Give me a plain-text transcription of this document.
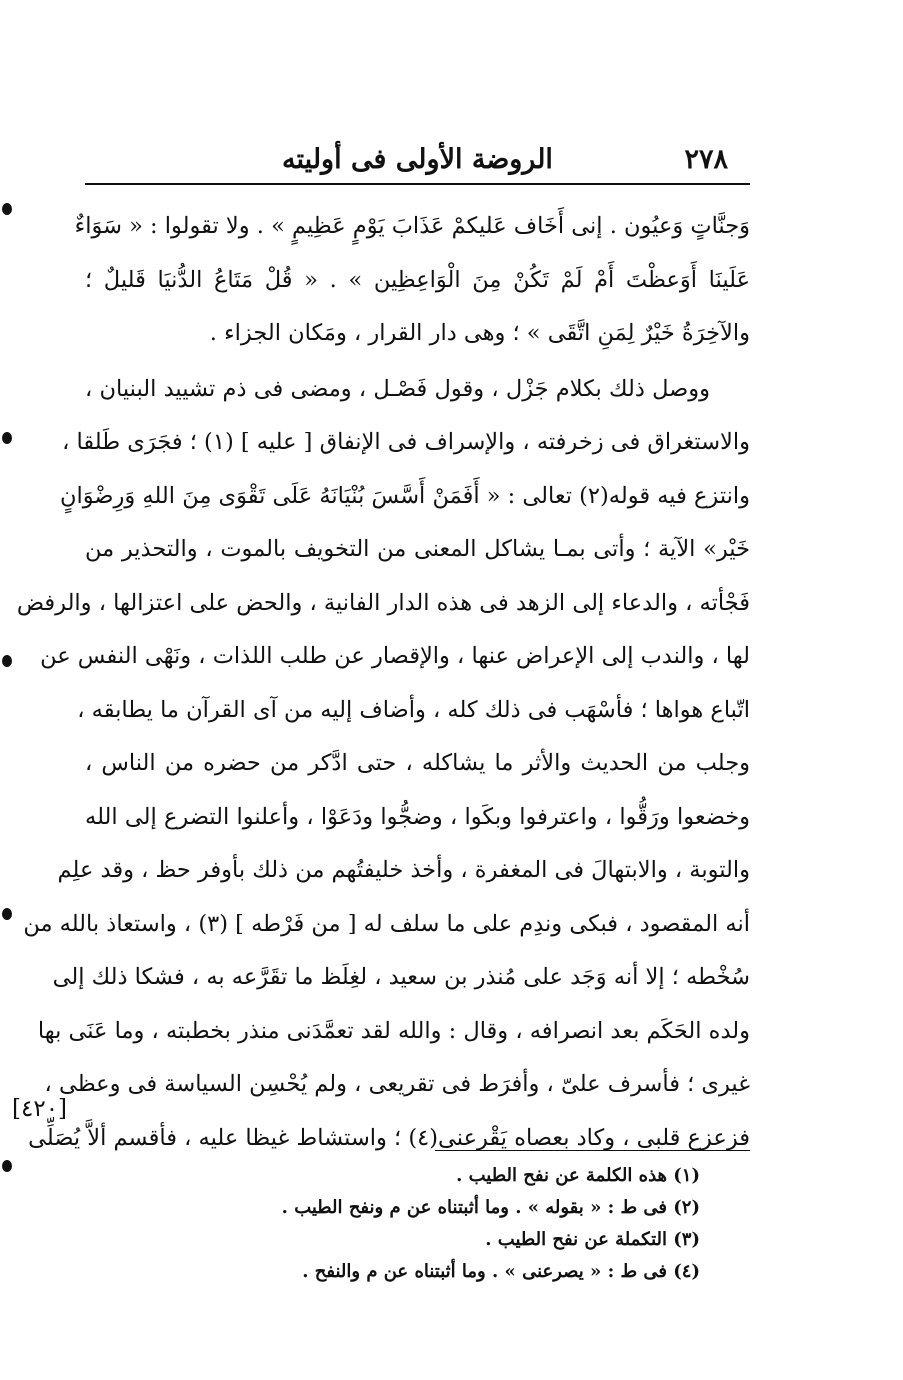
٢٧٨
الروضة الأولى فى أوليته
وَجنَّاتٍ وَعيُون . إنى أَخَاف عَليكمْ عَذَابَ يَوْمٍ عَظِيمٍ » . ولا تقولوا : « سَوَاءٌ
عَلَينَا أَوَعظْتَ أَمْ لَمْ تَكُنْ مِنَ الْوَاعِظِين » . « قُلْ مَتَاعُ الدُّنيَا قَليلٌ ؛
والآخِرَةُ خَيْرٌ لِمَنِ اتَّقَى » ؛ وهى دار القرار ، ومَكان الجزاء .
ووصل ذلك بكلام جَزْل ، وقول فَصْـل ، ومضى فى ذم تشييد البنيان ،
والاستغراق فى زخرفته ، والإسراف فى الإنفاق [ عليه ] (١) ؛ فجَرَى طَلقا ،
وانتزع فيه قوله(٢) تعالى : « أَفَمَنْ أَسَّسَ بُنْيَانَهُ عَلَى تَقْوَى مِنَ اللهِ وَرِضْوَانٍ
خَيْر» الآية ؛ وأتى بمـا يشاكل المعنى من التخويف بالموت ، والتحذير من
فَجْأته ، والدعاء إلى الزهد فى هذه الدار الفانية ، والحض على اعتزالها ، والرفض
لها ، والندب إلى الإعراض عنها ، والإقصار عن طلب اللذات ، ونَهْى النفس عن
اتّباع هواها ؛ فأسْهَب فى ذلك كله ، وأضاف إليه من آى القرآن ما يطابقه ،
وجلب من الحديث والأثر ما يشاكله ، حتى ادَّكر من حضره من الناس ،
وخضعوا ورَقُّوا ، واعترفوا وبكَوا ، وضجُّوا ودَعَوْا ، وأعلنوا التضرع إلى الله
والتوبة ، والابتهالَ فى المغفرة ، وأخذ خليفتُهم من ذلك بأوفر حظ ، وقد علِم
أنه المقصود ، فبكى وندِم على ما سلف له [ من فَرْطه ] (٣) ، واستعاذ بالله من
سُخْطه ؛ إلا أنه وَجَد على مُنذر بن سعيد ، لغِلَظ ما تقَرَّعه به ، فشكا ذلك إلى
ولده الحَكَم بعد انصرافه ، وقال : والله لقد تعمَّدَنى منذر بخطبته ، وما عَنَى بها
غيرى ؛ فأسرف علىّ ، وأفرَط فى تقريعى ، ولم يُحْسِن السياسة فى وعظى ،
فزعزع قلبى ، وكاد بعصاه يَقْرعنى(٤) ؛ واستشاط غيظا عليه ، فأقسم ألاَّ يُصَلِّى
[٤٢٠]
(١) هذه الكلمة عن نفح الطيب .
(٢) فى ط : « بقوله » . وما أثبتناه عن م ونفح الطيب .
(٣) التكملة عن نفح الطيب .
(٤) فى ط : « يصرعنى » . وما أثبتناه عن م والنفح .
